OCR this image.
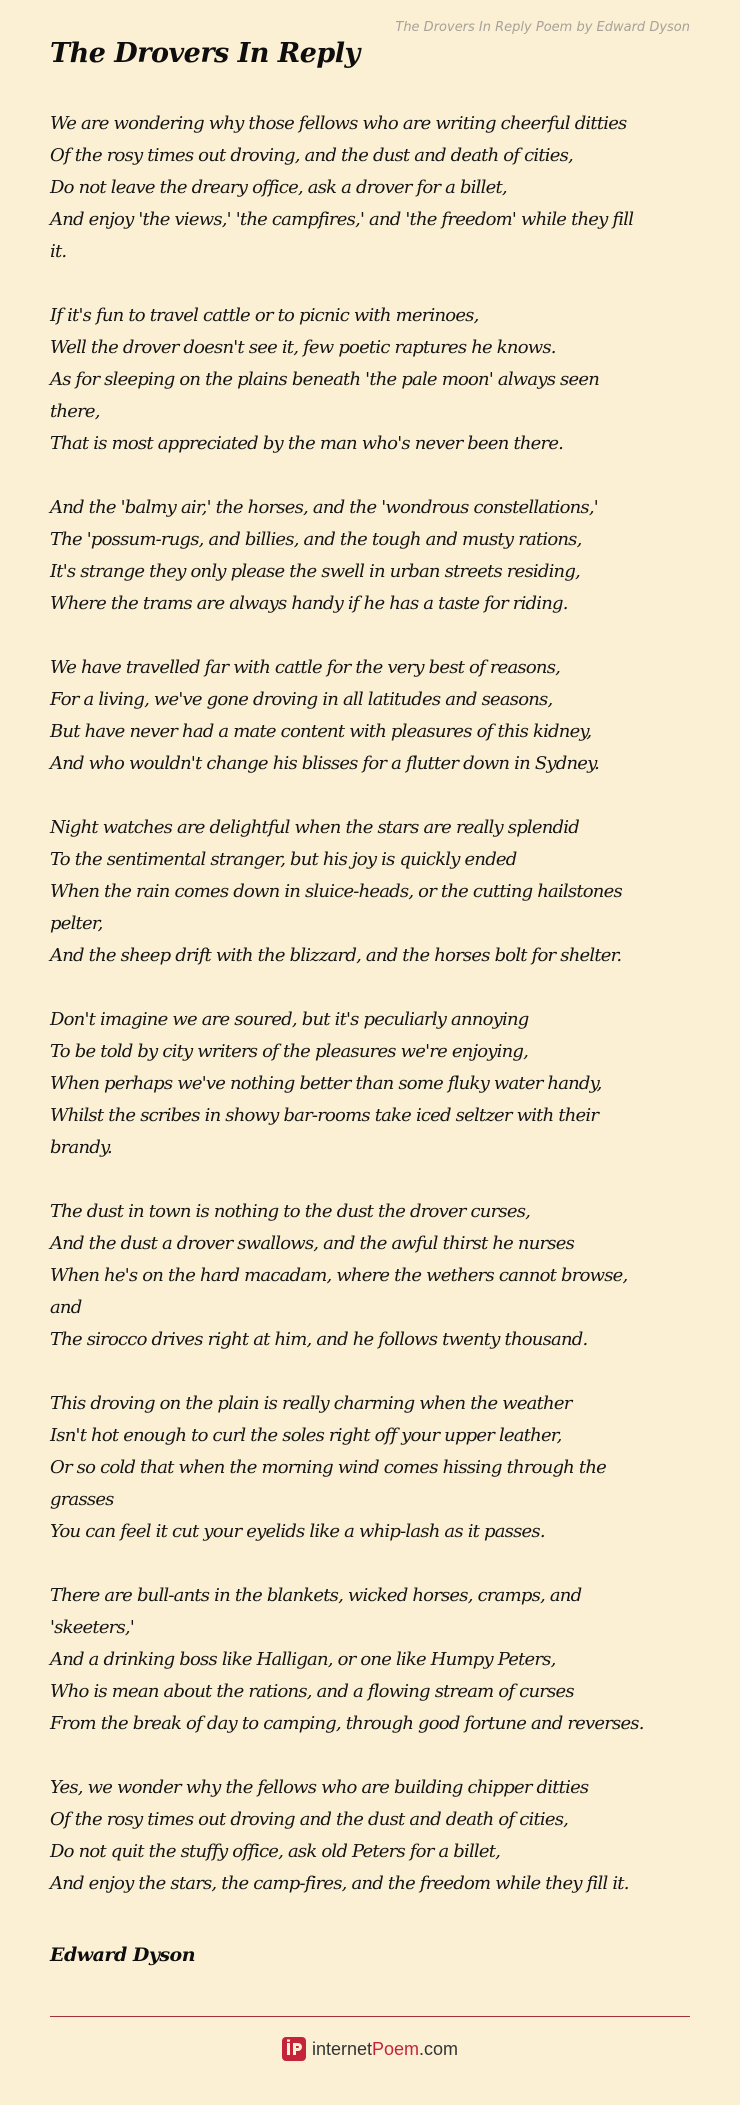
The Drovers In Reply Poem by Edward Dyson
The Drovers In Reply

We are wondering why those fellows who are writing cheerful ditties
Of the rosy times out droving, and the dust and death of cities,
Do not leave the dreary office, ask a drover for a billet,
And enjoy 'the views,' 'the campfires,' and 'the freedom' while they fill
it.

If it's fun to travel cattle or to picnic with merinoes,
Well the drover doesn't see it, few poetic raptures he knows.
As for sleeping on the plains beneath 'the pale moon' always seen
there,
That is most appreciated by the man who's never been there.

And the 'balmy air,' the horses, and the 'wondrous constellations,'
The 'possum-rugs, and billies, and the tough and musty rations,
It's strange they only please the swell in urban streets residing,
Where the trams are always handy if he has a taste for riding.

We have travelled far with cattle for the very best of reasons,
For a living, we've gone droving in all latitudes and seasons,
But have never had a mate content with pleasures of this kidney,
And who wouldn't change his blisses for a flutter down in Sydney.

Night watches are delightful when the stars are really splendid
To the sentimental stranger, but his joy is quickly ended
When the rain comes down in sluice-heads, or the cutting hailstones
pelter,
And the sheep drift with the blizzard, and the horses bolt for shelter.

Don't imagine we are soured, but it's peculiarly annoying
To be told by city writers of the pleasures we're enjoying,
When perhaps we've nothing better than some fluky water handy,
Whilst the scribes in showy bar-rooms take iced seltzer with their
brandy.

The dust in town is nothing to the dust the drover curses,
And the dust a drover swallows, and the awful thirst he nurses
When he's on the hard macadam, where the wethers cannot browse,
and
The sirocco drives right at him, and he follows twenty thousand.

This droving on the plain is really charming when the weather
Isn't hot enough to curl the soles right off your upper leather,
Or so cold that when the morning wind comes hissing through the
grasses
You can feel it cut your eyelids like a whip-lash as it passes.

There are bull-ants in the blankets, wicked horses, cramps, and
'skeeters,'
And a drinking boss like Halligan, or one like Humpy Peters,
Who is mean about the rations, and a flowing stream of curses
From the break of day to camping, through good fortune and reverses.

Yes, we wonder why the fellows who are building chipper ditties
Of the rosy times out droving and the dust and death of cities,
Do not quit the stuffy office, ask old Peters for a billet,
And enjoy the stars, the camp-fires, and the freedom while they fill it.

Edward Dyson
internetPoem.com
